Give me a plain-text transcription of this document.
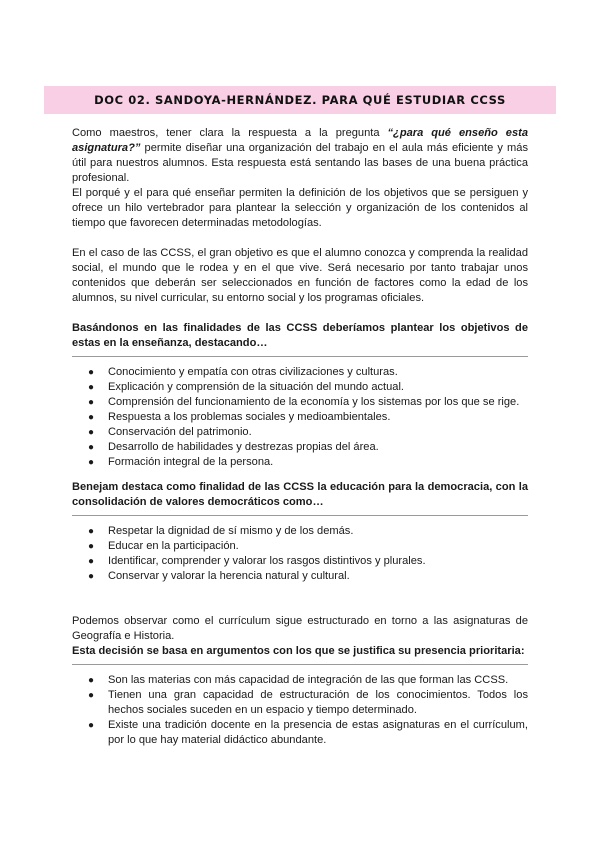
DOC 02. SANDOYA-HERNÁNDEZ. PARA QUÉ ESTUDIAR CCSS

Como maestros, tener clara la respuesta a la pregunta “¿para qué enseño esta asignatura?” permite diseñar una organización del trabajo en el aula más eficiente y más útil para nuestros alumnos. Esta respuesta está sentando las bases de una buena práctica profesional.

El porqué y el para qué enseñar permiten la definición de los objetivos que se persiguen y ofrece un hilo vertebrador para plantear la selección y organización de los contenidos al tiempo que favorecen determinadas metodologías.

En el caso de las CCSS, el gran objetivo es que el alumno conozca y comprenda la realidad social, el mundo que le rodea y en el que vive. Será necesario por tanto trabajar unos contenidos que deberán ser seleccionados en función de factores como la edad de los alumnos, su nivel curricular, su entorno social y los programas oficiales.

Basándonos en las finalidades de las CCSS deberíamos plantear los objetivos de estas en la enseñanza, destacando…

● Conocimiento y empatía con otras civilizaciones y culturas.
● Explicación y comprensión de la situación del mundo actual.
● Comprensión del funcionamiento de la economía y los sistemas por los que se rige.
● Respuesta a los problemas sociales y medioambientales.
● Conservación del patrimonio.
● Desarrollo de habilidades y destrezas propias del área.
● Formación integral de la persona.

Benejam destaca como finalidad de las CCSS la educación para la democracia, con la consolidación de valores democráticos como…

● Respetar la dignidad de sí mismo y de los demás.
● Educar en la participación.
● Identificar, comprender y valorar los rasgos distintivos y plurales.
● Conservar y valorar la herencia natural y cultural.

Podemos observar como el currículum sigue estructurado en torno a las asignaturas de Geografía e Historia.

Esta decisión se basa en argumentos con los que se justifica su presencia prioritaria:

● Son las materias con más capacidad de integración de las que forman las CCSS.
● Tienen una gran capacidad de estructuración de los conocimientos. Todos los hechos sociales suceden en un espacio y tiempo determinado.
● Existe una tradición docente en la presencia de estas asignaturas en el currículum, por lo que hay material didáctico abundante.
